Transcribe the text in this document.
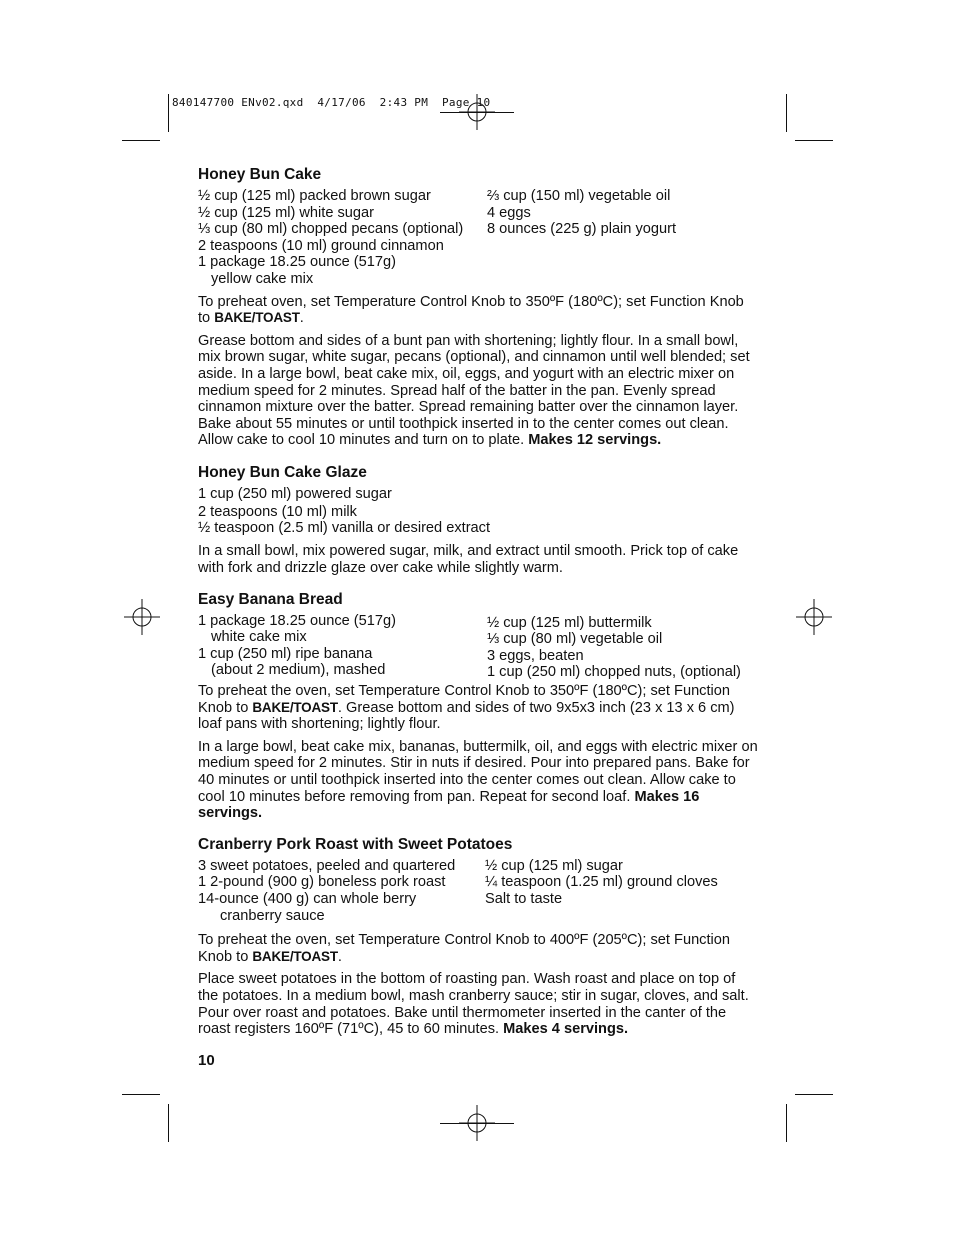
840147700 ENv02.qxd  4/17/06  2:43 PM  Page 10
Honey Bun Cake
½ cup (125 ml) packed brown sugar
½ cup (125 ml) white sugar
⅓ cup (80 ml) chopped pecans (optional)
2 teaspoons (10 ml) ground cinnamon
1 package 18.25 ounce (517g)
yellow cake mix
⅔ cup (150 ml) vegetable oil
4 eggs
8 ounces (225 g) plain yogurt

To preheat oven, set Temperature Control Knob to 350ºF (180ºC); set Function Knob to BAKE/TOAST.

Grease bottom and sides of a bunt pan with shortening; lightly flour. In a small bowl, mix brown sugar, white sugar, pecans (optional), and cinnamon until well blended; set aside. In a large bowl, beat cake mix, oil, eggs, and yogurt with an electric mixer on medium speed for 2 minutes. Spread half of the batter in the pan. Evenly spread cinnamon mixture over the batter. Spread remaining batter over the cinnamon layer. Bake about 55 minutes or until toothpick inserted in to the center comes out clean. Allow cake to cool 10 minutes and turn on to plate. Makes 12 servings.

Honey Bun Cake Glaze
1 cup (250 ml) powered sugar
2 teaspoons (10 ml) milk
½ teaspoon (2.5 ml) vanilla or desired extract

In a small bowl, mix powered sugar, milk, and extract until smooth. Prick top of cake with fork and drizzle glaze over cake while slightly warm.

Easy Banana Bread
1 package 18.25 ounce (517g)
white cake mix
1 cup (250 ml) ripe banana
(about 2 medium), mashed
½ cup (125 ml) buttermilk
⅓ cup (80 ml) vegetable oil
3 eggs, beaten
1 cup (250 ml) chopped nuts, (optional)

To preheat the oven, set Temperature Control Knob to 350ºF (180ºC); set Function Knob to BAKE/TOAST. Grease bottom and sides of two 9x5x3 inch (23 x 13 x 6 cm) loaf pans with shortening; lightly flour.

In a large bowl, beat cake mix, bananas, buttermilk, oil, and eggs with electric mixer on medium speed for 2 minutes. Stir in nuts if desired. Pour into prepared pans. Bake for 40 minutes or until toothpick inserted into the center comes out clean. Allow cake to cool 10 minutes before removing from pan. Repeat for second loaf. Makes 16 servings.

Cranberry Pork Roast with Sweet Potatoes
3 sweet potatoes, peeled and quartered
1 2-pound (900 g) boneless pork roast
14-ounce (400 g) can whole berry
cranberry sauce
½ cup (125 ml) sugar
¼ teaspoon (1.25 ml) ground cloves
Salt to taste

To preheat the oven, set Temperature Control Knob to 400ºF (205ºC); set Function Knob to BAKE/TOAST.

Place sweet potatoes in the bottom of roasting pan. Wash roast and place on top of the potatoes. In a medium bowl, mash cranberry sauce; stir in sugar, cloves, and salt. Pour over roast and potatoes. Bake until thermometer inserted in the canter of the roast registers 160ºF (71ºC), 45 to 60 minutes. Makes 4 servings.

10
